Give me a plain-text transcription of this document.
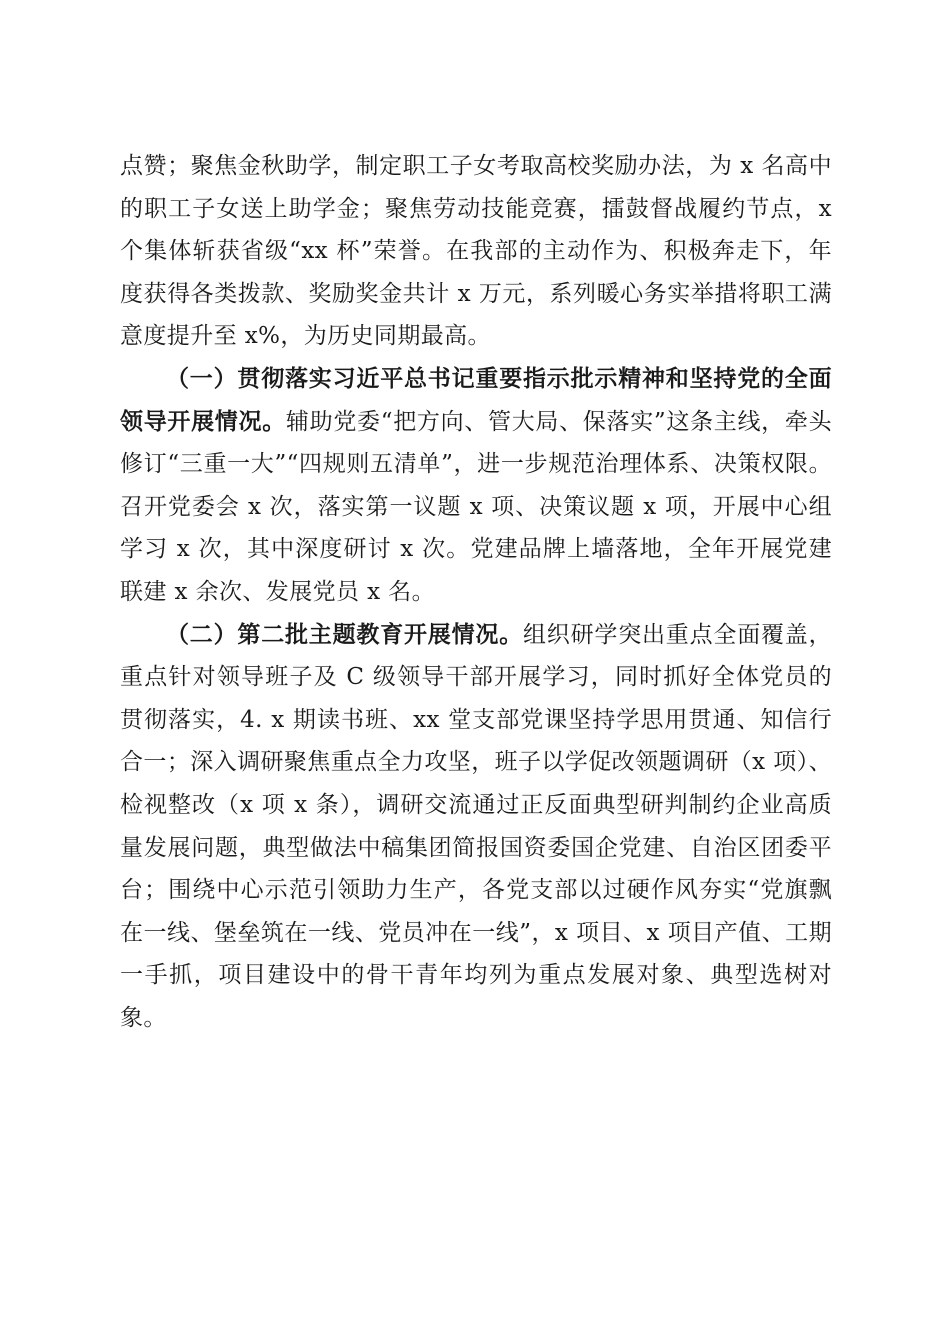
点赞；聚焦金秋助学，制定职工子女考取高校奖励办法，为 x 名高中的职工子女送上助学金；聚焦劳动技能竞赛，擂鼓督战履约节点，x 个集体斩获省级“xx 杯”荣誉。在我部的主动作为、积极奔走下，年度获得各类拨款、奖励奖金共计 x 万元，系列暖心务实举措将职工满意度提升至 x%，为历史同期最高。

（一）贯彻落实习近平总书记重要指示批示精神和坚持党的全面领导开展情况。辅助党委“把方向、管大局、保落实”这条主线，牵头修订“三重一大”“四规则五清单”，进一步规范治理体系、决策权限。召开党委会 x 次，落实第一议题 x 项、决策议题 x 项，开展中心组学习 x 次，其中深度研讨 x 次。党建品牌上墙落地，全年开展党建联建 x 余次、发展党员 x 名。

（二）第二批主题教育开展情况。组织研学突出重点全面覆盖，重点针对领导班子及 C 级领导干部开展学习，同时抓好全体党员的贯彻落实，4. x 期读书班、xx 堂支部党课坚持学思用贯通、知信行合一；深入调研聚焦重点全力攻坚，班子以学促改领题调研（x 项）、检视整改（x 项 x 条），调研交流通过正反面典型研判制约企业高质量发展问题，典型做法中稿集团简报国资委国企党建、自治区团委平台；围绕中心示范引领助力生产，各党支部以过硬作风夯实“党旗飘在一线、堡垒筑在一线、党员冲在一线”，x 项目、x 项目产值、工期一手抓，项目建设中的骨干青年均列为重点发展对象、典型选树对象。
